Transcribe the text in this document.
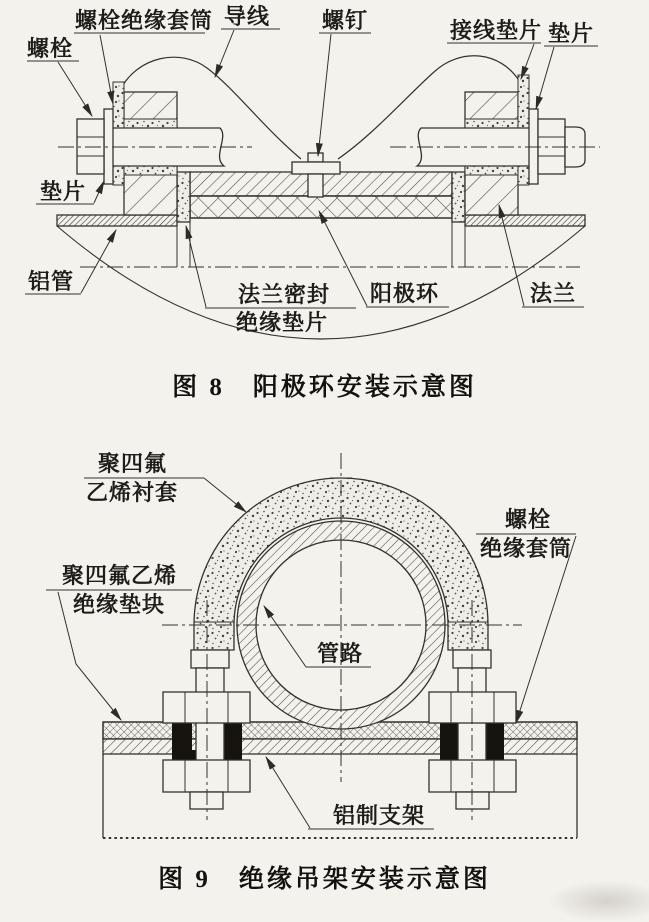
螺栓
螺栓绝缘套筒 导线 螺钉	接线垫片 垫片
垫片
铝管
法兰密封
绝缘垫片
阳极环	法兰
图 8　阳极环安装示意图
聚四氟
乙烯衬套
螺栓
绝缘套筒
聚四氟乙烯
绝缘垫块
管路
铝制支架
图 9　绝缘吊架安装示意图
